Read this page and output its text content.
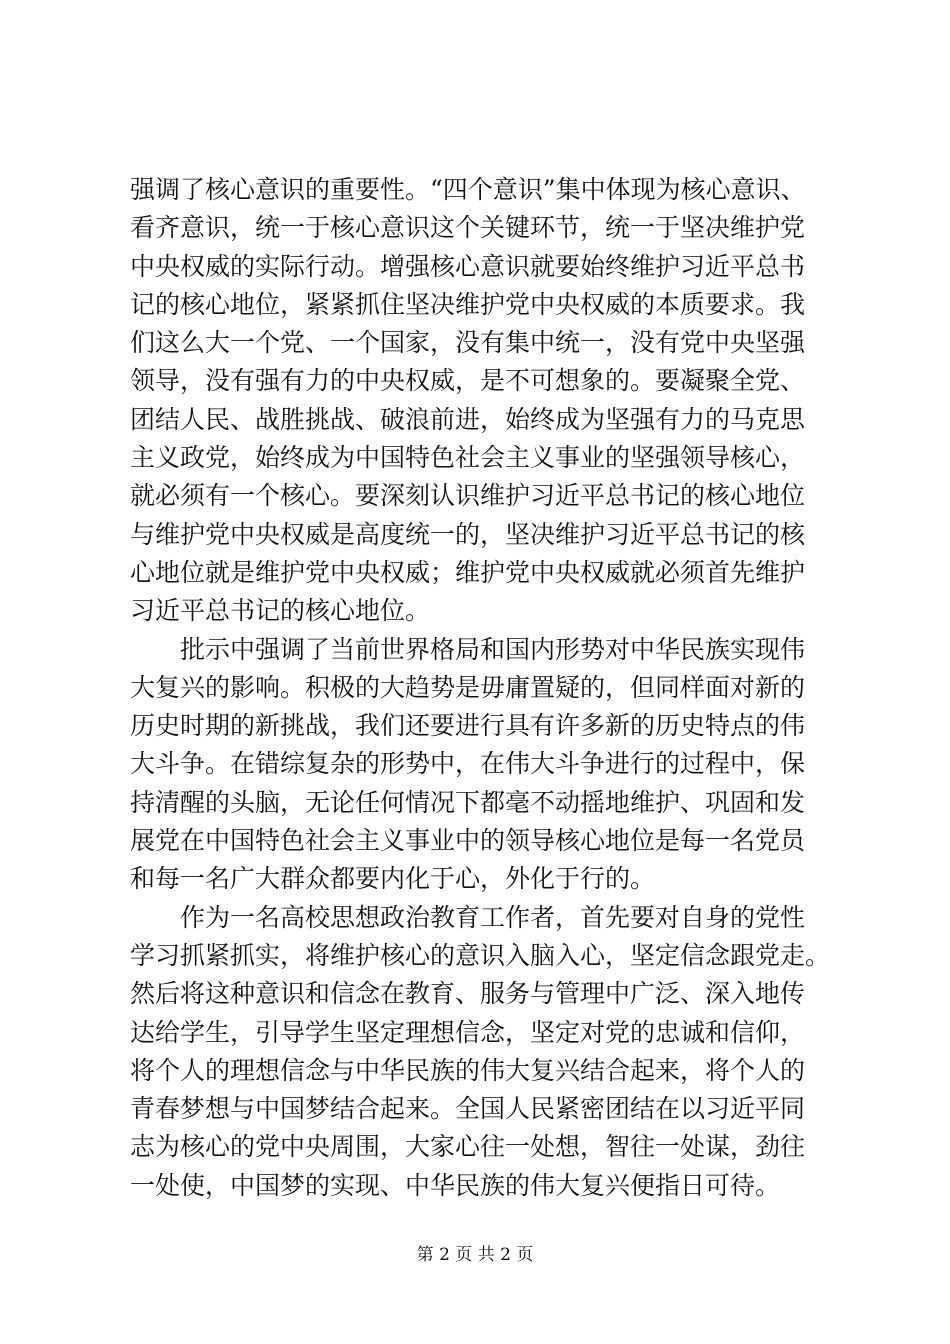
强调了核心意识的重要性。“四个意识”集中体现为核心意识、
看齐意识，统一于核心意识这个关键环节，统一于坚决维护党
中央权威的实际行动。增强核心意识就要始终维护习近平总书
记的核心地位，紧紧抓住坚决维护党中央权威的本质要求。我
们这么大一个党、一个国家，没有集中统一，没有党中央坚强
领导，没有强有力的中央权威，是不可想象的。要凝聚全党、
团结人民、战胜挑战、破浪前进，始终成为坚强有力的马克思
主义政党，始终成为中国特色社会主义事业的坚强领导核心，
就必须有一个核心。要深刻认识维护习近平总书记的核心地位
与维护党中央权威是高度统一的，坚决维护习近平总书记的核
心地位就是维护党中央权威；维护党中央权威就必须首先维护
习近平总书记的核心地位。
批示中强调了当前世界格局和国内形势对中华民族实现伟
大复兴的影响。积极的大趋势是毋庸置疑的，但同样面对新的
历史时期的新挑战，我们还要进行具有许多新的历史特点的伟
大斗争。在错综复杂的形势中，在伟大斗争进行的过程中，保
持清醒的头脑，无论任何情况下都毫不动摇地维护、巩固和发
展党在中国特色社会主义事业中的领导核心地位是每一名党员
和每一名广大群众都要内化于心，外化于行的。
作为一名高校思想政治教育工作者，首先要对自身的党性
学习抓紧抓实，将维护核心的意识入脑入心，坚定信念跟党走。
然后将这种意识和信念在教育、服务与管理中广泛、深入地传
达给学生，引导学生坚定理想信念，坚定对党的忠诚和信仰，
将个人的理想信念与中华民族的伟大复兴结合起来，将个人的
青春梦想与中国梦结合起来。全国人民紧密团结在以习近平同
志为核心的党中央周围，大家心往一处想，智往一处谋，劲往
一处使，中国梦的实现、中华民族的伟大复兴便指日可待。
第 2 页 共 2 页
